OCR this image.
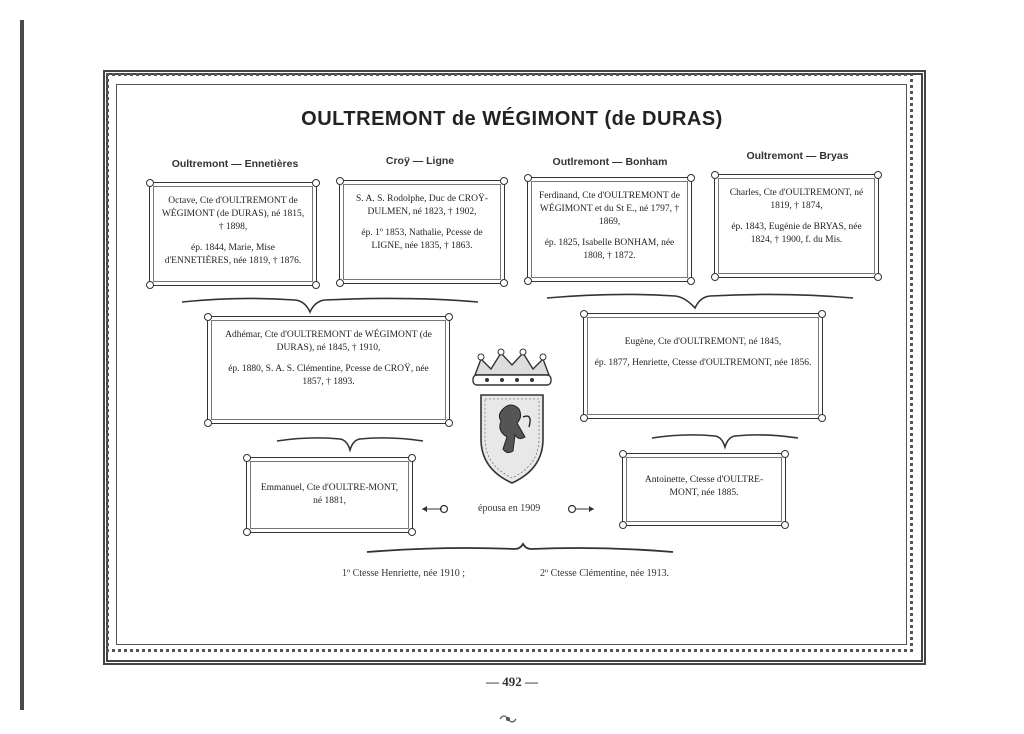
OULTREMONT de WÉGIMONT (de DURAS)
Oultremont — Ennetières	Croÿ — Ligne	Outlremont — Bonham	Oultremont — Bryas

Octave, Cte d'OULTREMONT de WÉGIMONT (de DURAS), né 1815, † 1898,

ép. 1844, Marie, Mise d'ENNETIÈRES, née 1819, † 1876.

S. A. S. Rodolphe, Duc de CROŸ-DULMEN, né 1823, † 1902,

ép. 1º 1853, Nathalie, Pcesse de LIGNE, née 1835, † 1863.

Ferdinand, Cte d'OULTREMONT de WÉGIMONT et du St E., né 1797, † 1869,

ép. 1825, Isabelle BONHAM, née 1808, † 1872.

Charles, Cte d'OULTREMONT, né 1819, † 1874,

ép. 1843, Eugénie de BRYAS, née 1824, † 1900, f. du Mis.

Adhémar, Cte d'OULTREMONT de WÉGIMONT (de DURAS), né 1845, † 1910,

ép. 1880, S. A. S. Clémentine, Pcesse de CROŸ, née 1857, † 1893.

Eugène, Cte d'OULTREMONT, né 1845,

ép. 1877, Henriette, Ctesse d'OULTREMONT, née 1856.

Emmanuel, Cte d'OULTRE-MONT, né 1881,

Antoinette, Ctesse d'OULTRE-MONT, née 1885.

épousa en 1909
1º Ctesse Henriette, née 1910 ;	2º Ctesse Clémentine, née 1913.
— 492 —
